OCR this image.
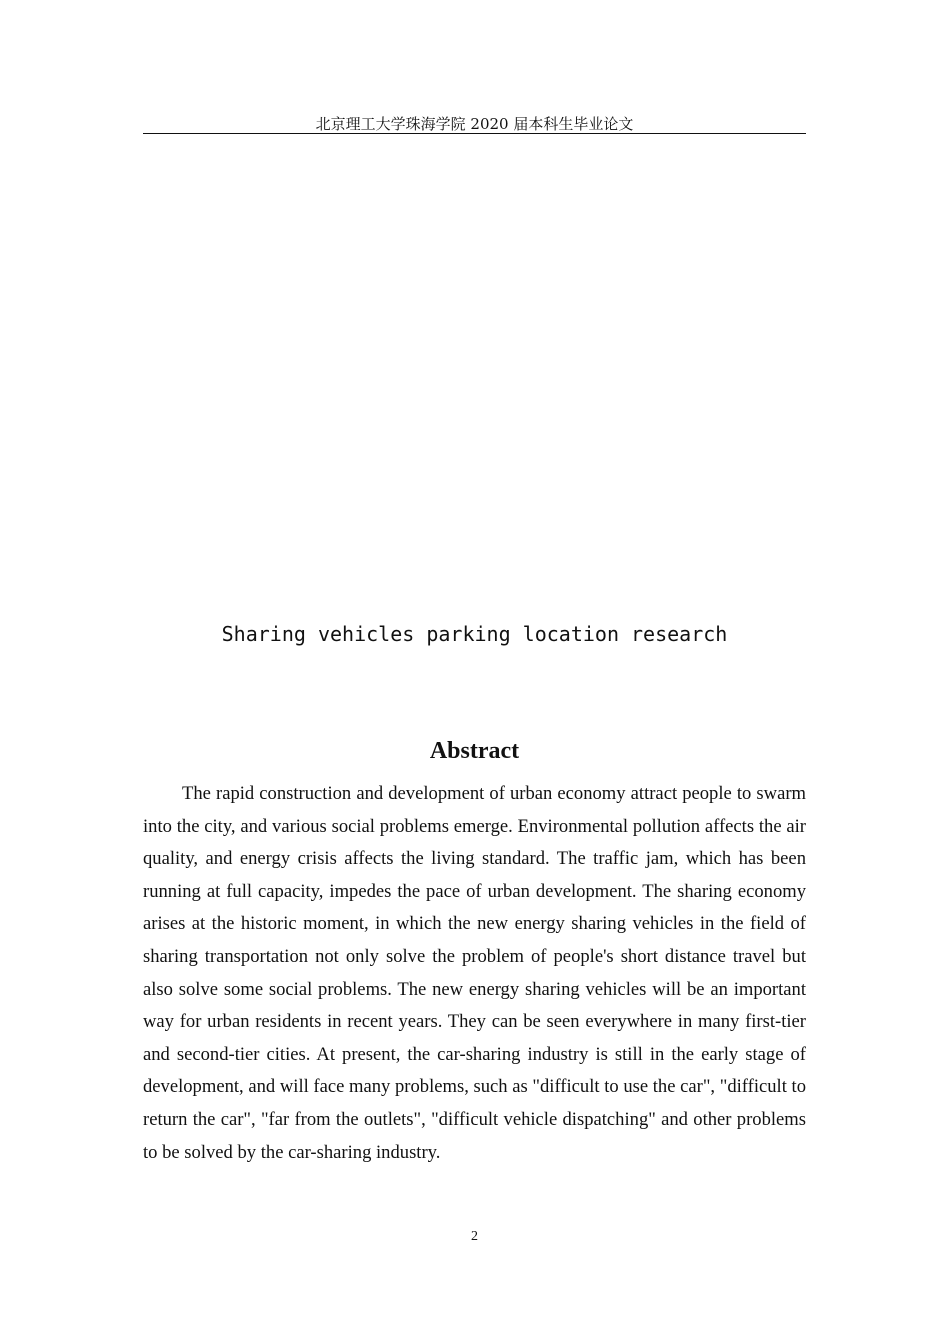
北京理工大学珠海学院 2020 届本科生毕业论文
Sharing vehicles parking location research
Abstract

The rapid construction and development of urban economy attract people to swarm into the city, and various social problems emerge. Environmental pollution affects the air quality, and energy crisis affects the living standard. The traffic jam, which has been running at full capacity, impedes the pace of urban development. The sharing economy arises at the historic moment, in which the new energy sharing vehicles in the field of sharing transportation not only solve the problem of people's short distance travel but also solve some social problems. The new energy sharing vehicles will be an important way for urban residents in recent years. They can be seen everywhere in many first-tier and second-tier cities. At present, the car-sharing industry is still in the early stage of development, and will face many problems, such as "difficult to use the car", "difficult to return the car", "far from the outlets", "difficult vehicle dispatching" and other problems to be solved by the car-sharing industry.

2
